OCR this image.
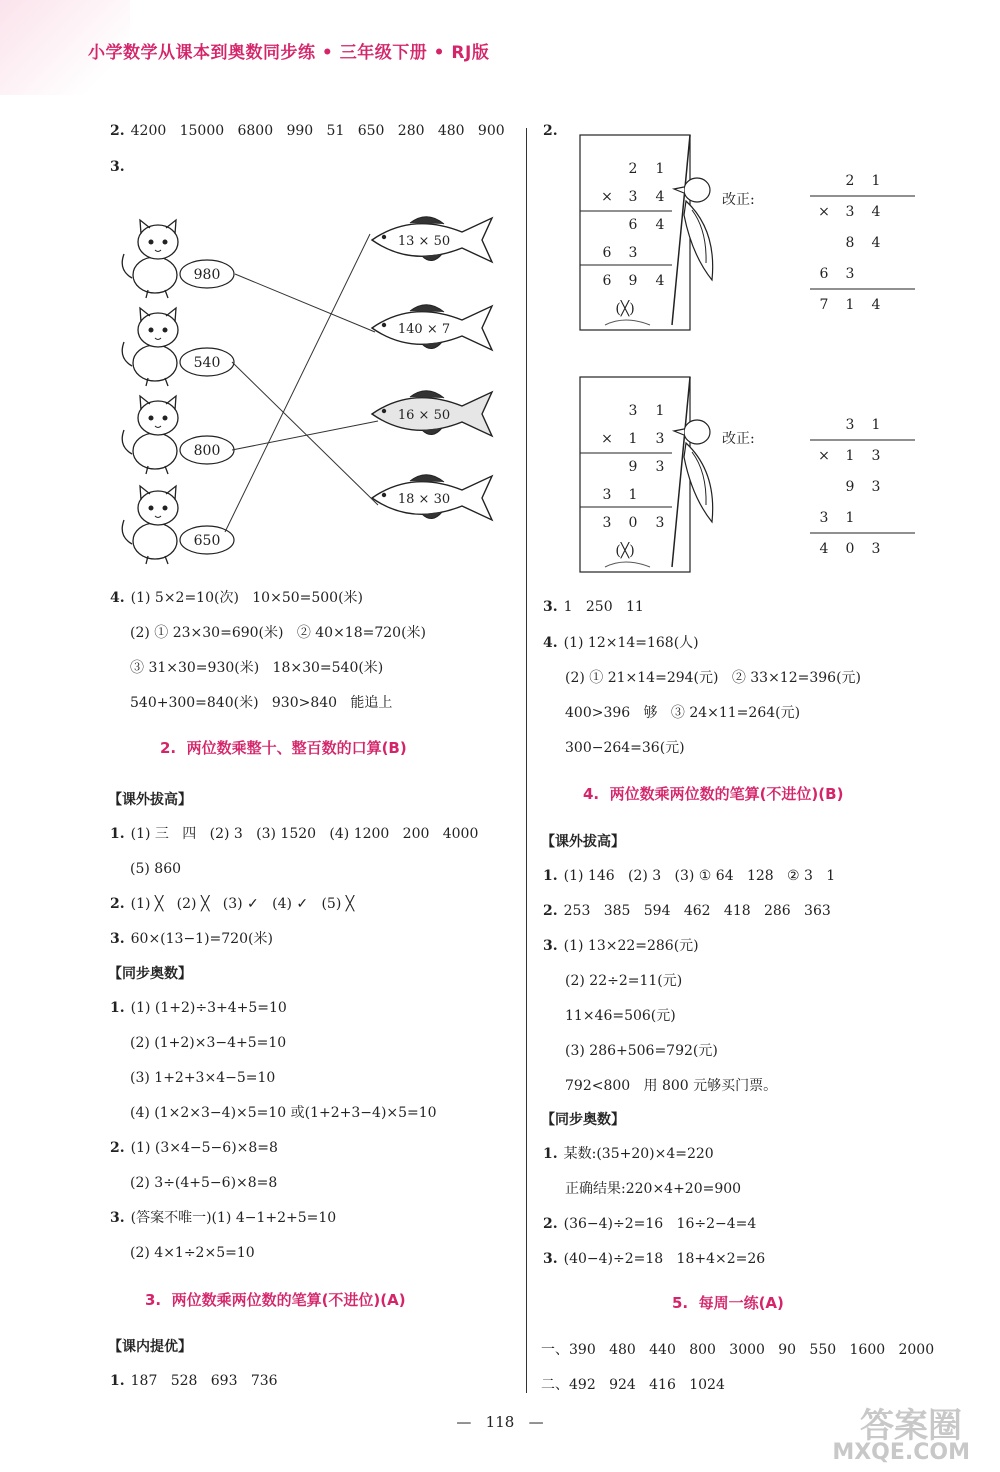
小学数学从课本到奥数同步练 • 三年级下册 • RJ版
2. 4200   15000   6800   990   51   650   280   480   900
3.
980
540
800
650
13 × 50
140 × 7
16 × 50
18 × 30
4. (1) 5×2=10(次)   10×50=500(米)
(2) ① 23×30=690(米)   ② 40×18=720(米)
③ 31×30=930(米)   18×30=540(米)
540+300=840(米)   930>840   能追上
2.  两位数乘整十、整百数的口算(B)
【课外拔高】
1. (1) 三   四   (2) 3   (3) 1520   (4) 1200   200   4000
(5) 860
2. (1) ╳   (2) ╳   (3) ✓   (4) ✓   (5) ╳
3. 60×(13−1)=720(米)
【同步奥数】
1. (1) (1+2)÷3+4+5=10
(2) (1+2)×3−4+5=10
(3) 1+2+3×4−5=10
(4) (1×2×3−4)×5=10 或(1+2+3−4)×5=10
2. (1) (3×4−5−6)×8=8
(2) 3÷(4+5−6)×8=8
3. (答案不唯一)(1) 4−1+2+5=10
(2) 4×1÷2×5=10
3.  两位数乘两位数的笔算(不进位)(A)
【课内提优】
1. 187   528   693   736
2.
2 1
× 3 4
6 4
6 3
6 9 4
(╳)
2 1
× 3 4
8 4
6 3
7 1 4
3 1
× 1 3
9 3
3 1
3 0 3
(╳)
3 1
× 1 3
9 3
3 1
4 0 3
改正:
改正:
3. 1   250   11
4. (1) 12×14=168(人)
(2) ① 21×14=294(元)   ② 33×12=396(元)
400>396   够   ③ 24×11=264(元)
300−264=36(元)
4.  两位数乘两位数的笔算(不进位)(B)
【课外拔高】
1. (1) 146   (2) 3   (3) ① 64   128   ② 3   1
2. 253   385   594   462   418   286   363
3. (1) 13×22=286(元)
(2) 22÷2=11(元)
11×46=506(元)
(3) 286+506=792(元)
792<800   用 800 元够买门票。
【同步奥数】
1. 某数:(35+20)×4=220
正确结果:220×4+20=900
2. (36−4)÷2=16   16÷2−4=4
3. (40−4)÷2=18   18+4×2=26
5.  每周一练(A)
一、390   480   440   800   3000   90   550   1600   2000
二、492   924   416   1024
—   118   —	答案圈
MXQE.COM
